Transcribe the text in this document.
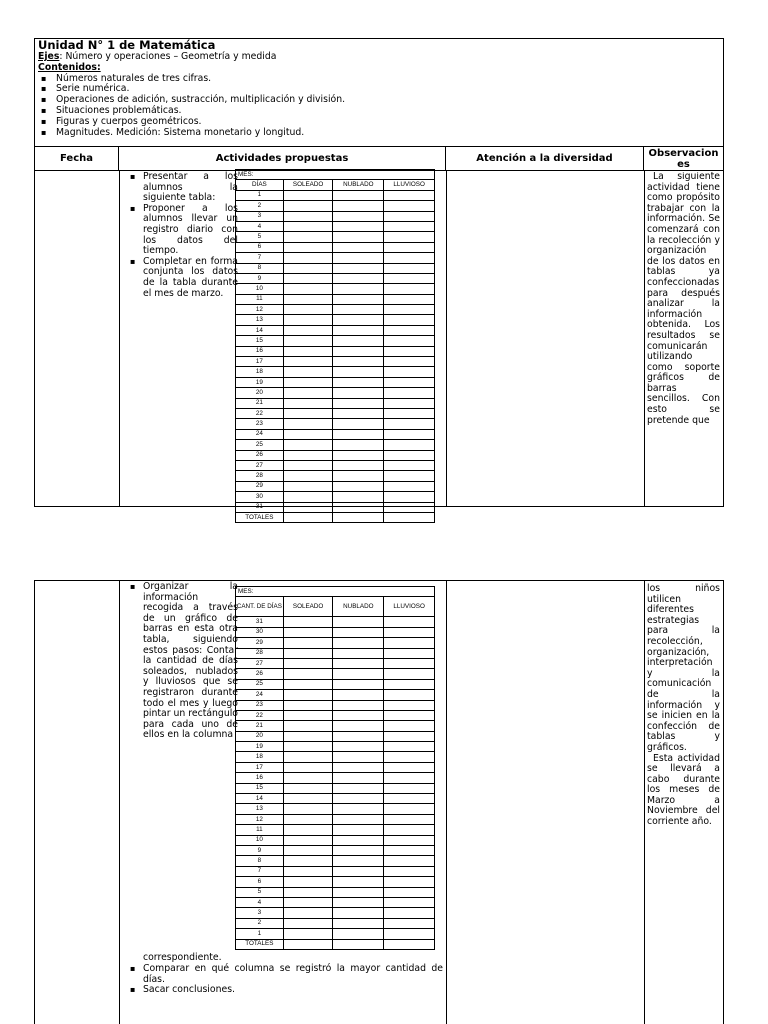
Unidad N° 1 de Matemática
Ejes: Número y operaciones – Geometría y medida
Contenidos:
▪ Números naturales de tres cifras.
▪ Serie numérica.
▪ Operaciones de adición, sustracción, multiplicación y división.
▪ Situaciones problemáticas.
▪ Figuras y cuerpos geométricos.
▪ Magnitudes. Medición: Sistema monetario y longitud.
Fecha	Actividades propuestas	Atención a la diversidad	Observacion
es
▪ Presentar a los alumnos la siguiente tabla:
▪ Proponer a los alumnos llevar un registro diario con los datos del tiempo.
▪ Completar en forma conjunta los datos de la tabla durante el mes de marzo.
La siguiente actividad tiene como propósito trabajar con la información. Se comenzará con la recolección y organización de los datos en tablas ya confeccionadas para después analizar la información obtenida. Los resultados se comunicarán utilizando como soporte gráficos de barras sencillos. Con esto se pretende que
MES:			
DÍAS	SOLEADO	NUBLADO	LLUVIOSO
1			
2			
3			
4			
5			
6			
7			
8			
9			
10			
11			
12			
13			
14			
15			
16			
17			
18			
19			
20			
21			
22			
23			
24			
25			
26			
27			
28			
29			
30			
31			
TOTALES			
▪ Organizar la información recogida a través de un gráfico de barras en esta otra tabla, siguiendo estos pasos: Contar la cantidad de días soleados, nublados y lluviosos que se registraron durante todo el mes y luego pintar un rectángulo para cada uno de ellos en la columna
correspondiente.
▪ Comparar en qué columna se registró la mayor cantidad de días.
▪ Sacar conclusiones.
los niños utilicen diferentes estrategias para la recolección, organización, interpretación y la comunicación de la información y se inicien en la confección de tablas y gráficos.
Esta actividad se llevará a cabo durante los meses de Marzo a Noviembre del corriente año.
MES:			
CANT. DE DÍAS	SOLEADO	NUBLADO	LLUVIOSO
31			
30			
29			
28			
27			
26			
25			
24			
23			
22			
21			
20			
19			
18			
17			
16			
15			
14			
13			
12			
11			
10			
9			
8			
7			
6			
5			
4			
3			
2			
1			
TOTALES			
